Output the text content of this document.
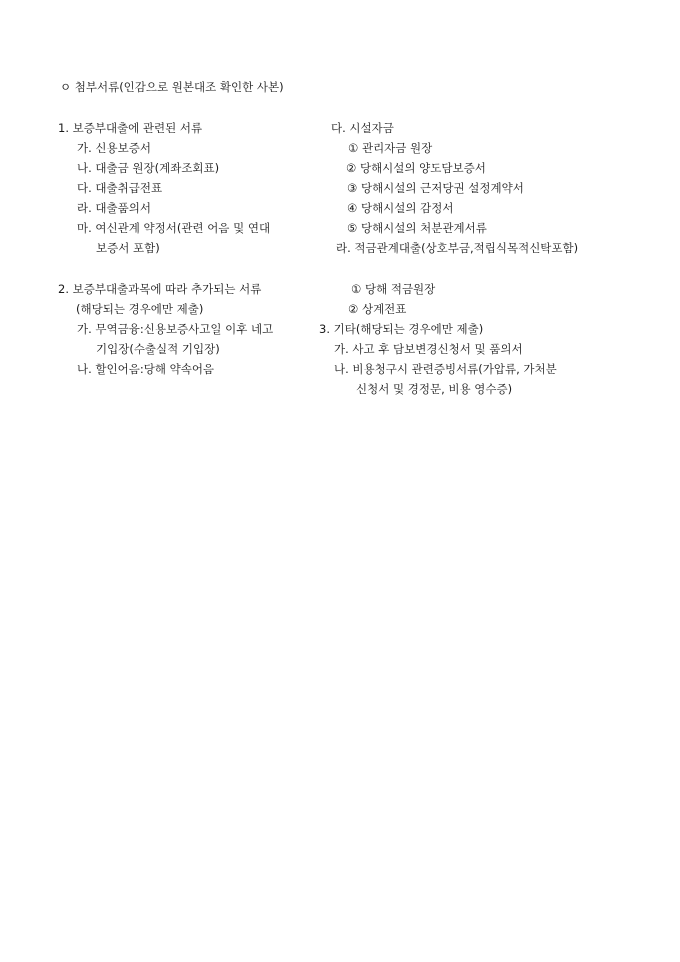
ㅇ 첨부서류(인감으로 원본대조 확인한 사본)
1. 보증부대출에 관련된 서류
가. 신용보증서
나. 대출금 원장(계좌조회표)
다. 대출취급전표
라. 대출품의서
마. 여신관계 약정서(관련 어음 및 연대
보증서 포함)
2. 보증부대출과목에 따라 추가되는 서류
(해당되는 경우에만 제출)
가. 무역금융:신용보증사고일 이후 네고
기입장(수출실적 기입장)
나. 할인어음:당해 약속어음
다. 시설자금
① 관리자금 원장
② 당해시설의 양도담보증서
③ 당해시설의 근저당권 설정계약서
④ 당해시설의 감정서
⑤ 당해시설의 처분관계서류
라. 적금관계대출(상호부금,적립식목적신탁포함)
① 당해 적금원장
② 상계전표
3. 기타(해당되는 경우에만 제출)
가. 사고 후 담보변경신청서 및 품의서
나. 비용청구시 관련증빙서류(가압류, 가처분
신청서 및 경정문, 비용 영수증)
